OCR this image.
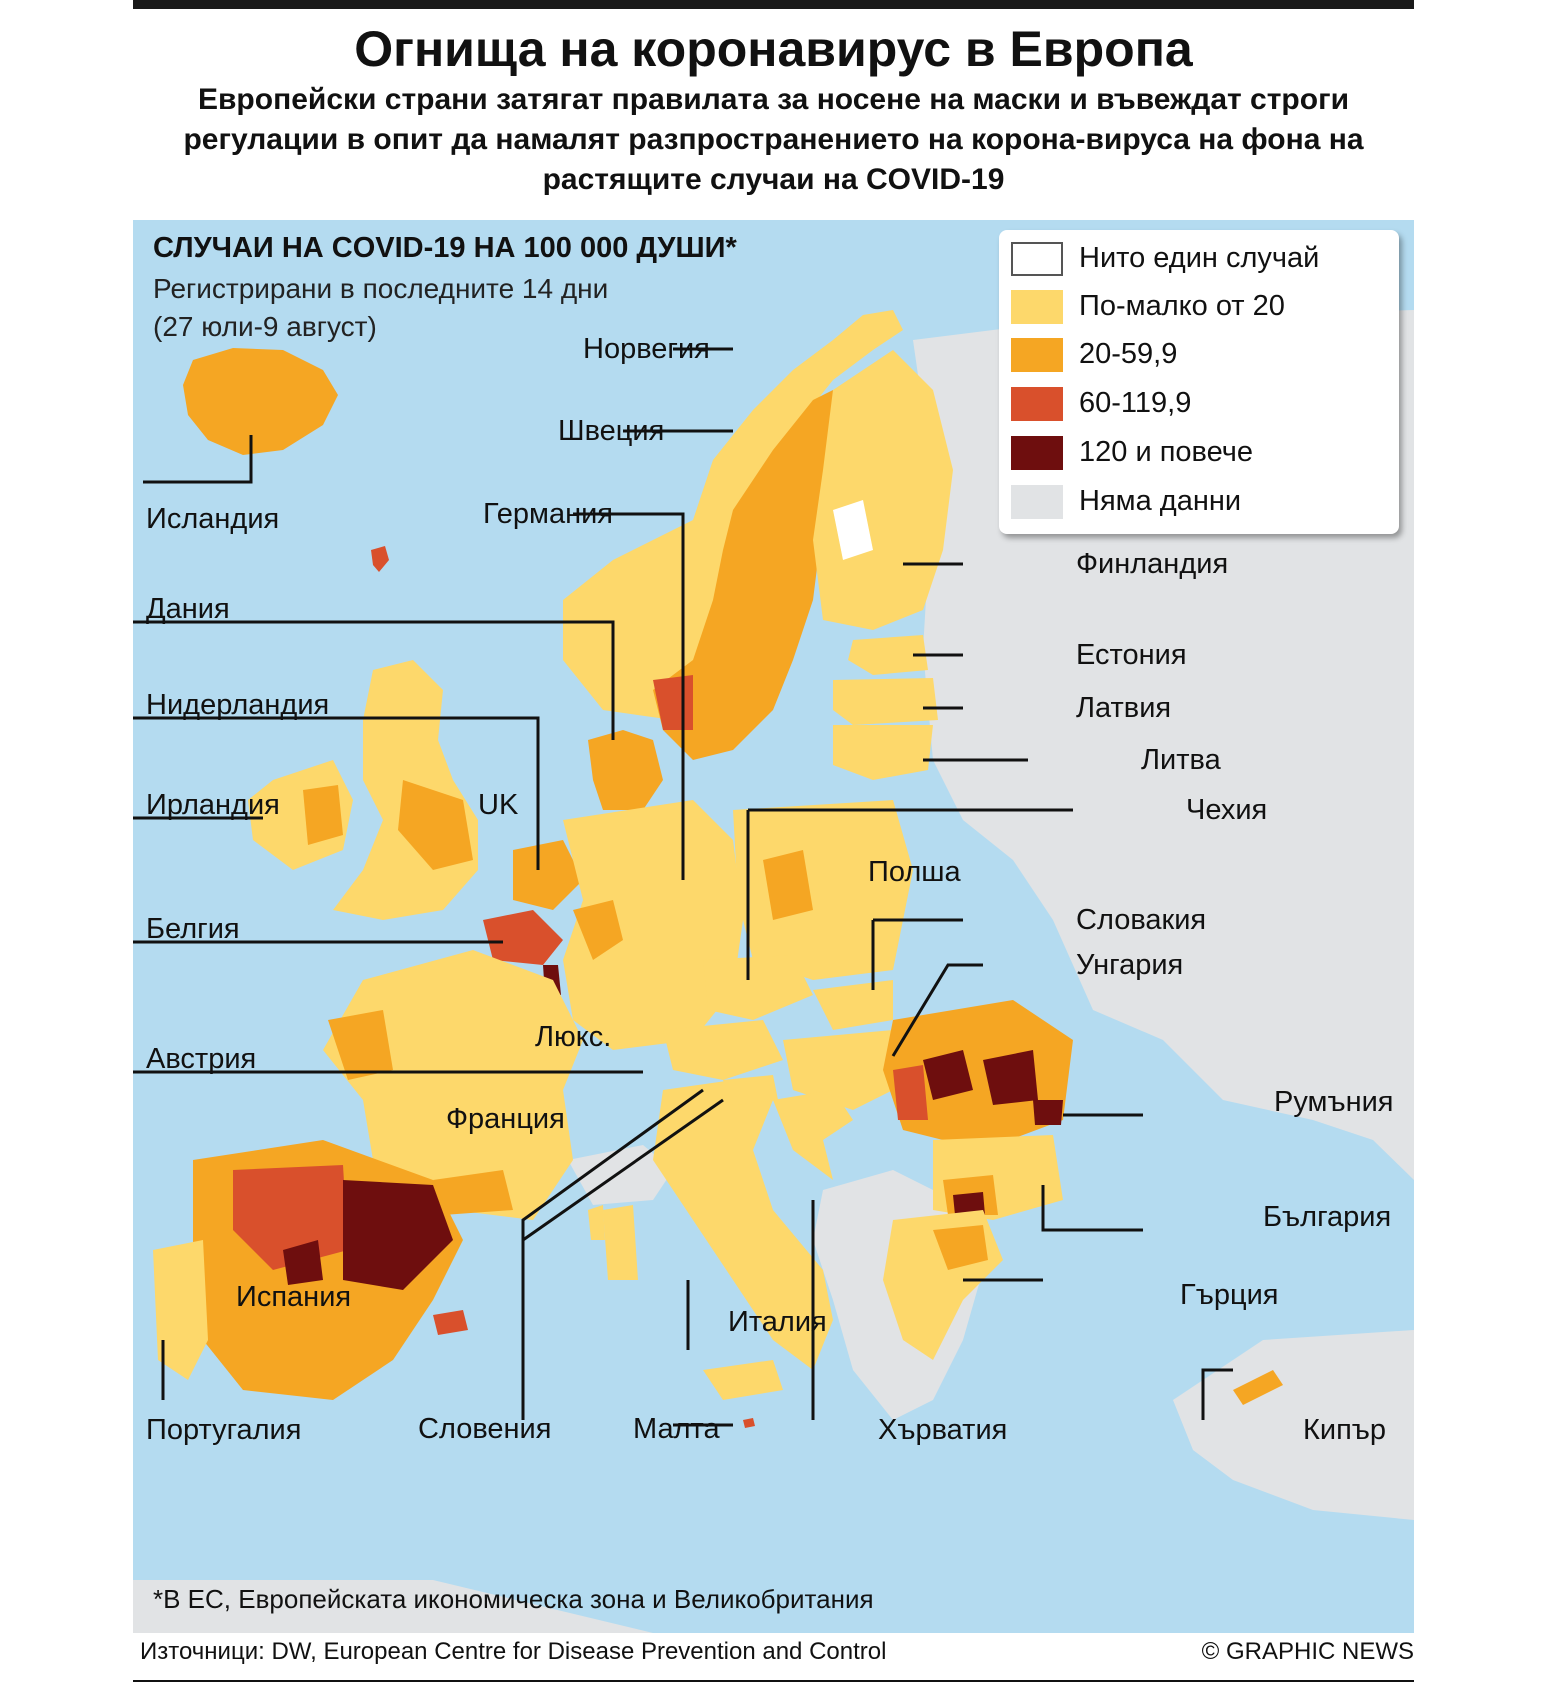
Огнища на коронавирус в Европа
Европейски страни затягат правилата за носене на маски и въвеждат строги регулации в опит да намалят разпространението на корона-вируса на фона на растящите случаи на COVID-19
СЛУЧАИ НА COVID-19 НА 100 000 ДУШИ*
Регистрирани в последните 14 дни
(27 юли-9 август)
Нито един случай
По-малко от 20
20-59,9
60-119,9
120 и повече
Няма данни
Норвегия
Швеция
Исландия	Германия
Финландия
Дания
Естония
Нидерландия	Латвия
Литва
UK
Ирландия	Чехия
Полша
Белгия	Словакия
Унгария
Люкс.
Австрия
Румъния
Франция
България
Гърция
Испания
Италия
Португалия	Словения	Малта	Хърватия	Кипър
*В ЕС, Европейската икономическа зона и Великобритания
Източници: DW, European Centre for Disease Prevention and Control	© GRAPHIC NEWS
